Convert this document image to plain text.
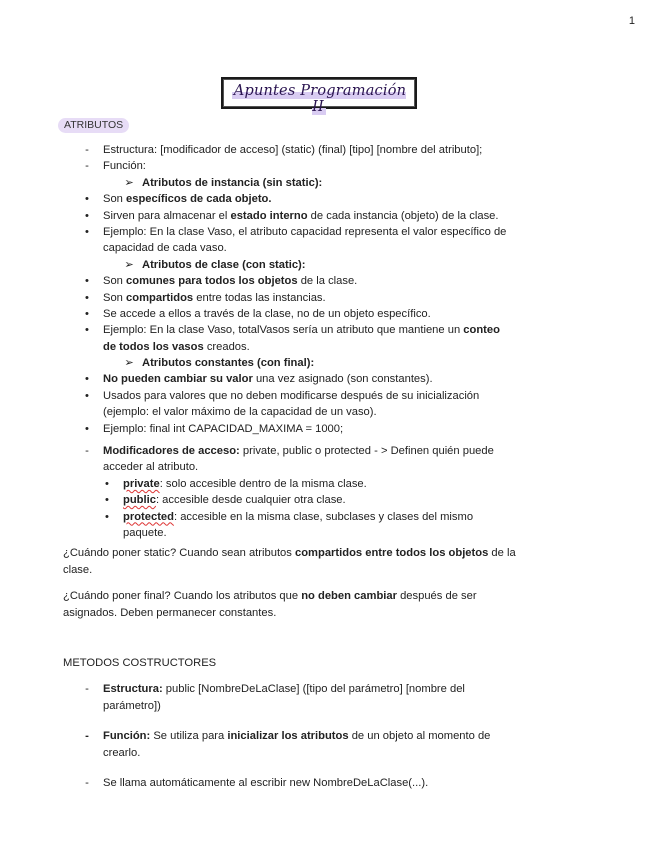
1
Apuntes Programación II
ATRIBUTOS
-	Estructura: [modificador de acceso] (static) (final) [tipo] [nombre del atributo];
-	Función:
➢ Atributos de instancia (sin static):
•	Son específicos de cada objeto.
•	Sirven para almacenar el estado interno de cada instancia (objeto) de la clase.
•	Ejemplo: En la clase Vaso, el atributo capacidad representa el valor específico de
capacidad de cada vaso.
➢ Atributos de clase (con static):
•	Son comunes para todos los objetos de la clase.
•	Son compartidos entre todas las instancias.
•	Se accede a ellos a través de la clase, no de un objeto específico.
•	Ejemplo: En la clase Vaso, totalVasos sería un atributo que mantiene un conteo
de todos los vasos creados.
➢ Atributos constantes (con final):
•	No pueden cambiar su valor una vez asignado (son constantes).
•	Usados para valores que no deben modificarse después de su inicialización
(ejemplo: el valor máximo de la capacidad de un vaso).
•	Ejemplo: final int CAPACIDAD_MAXIMA = 1000;
-	Modificadores de acceso: private, public o protected - > Definen quién puede
acceder al atributo.
•	private: solo accesible dentro de la misma clase.
•	public: accesible desde cualquier otra clase.
•	protected: accesible en la misma clase, subclases y clases del mismo
paquete.
¿Cuándo poner static? Cuando sean atributos compartidos entre todos los objetos de la
clase.
¿Cuándo poner final? Cuando los atributos que no deben cambiar después de ser
asignados. Deben permanecer constantes.
METODOS COSTRUCTORES
-	Estructura: public [NombreDeLaClase] ([tipo del parámetro] [nombre del
parámetro])
-	Función: Se utiliza para inicializar los atributos de un objeto al momento de
crearlo.
-	Se llama automáticamente al escribir new NombreDeLaClase(...).
